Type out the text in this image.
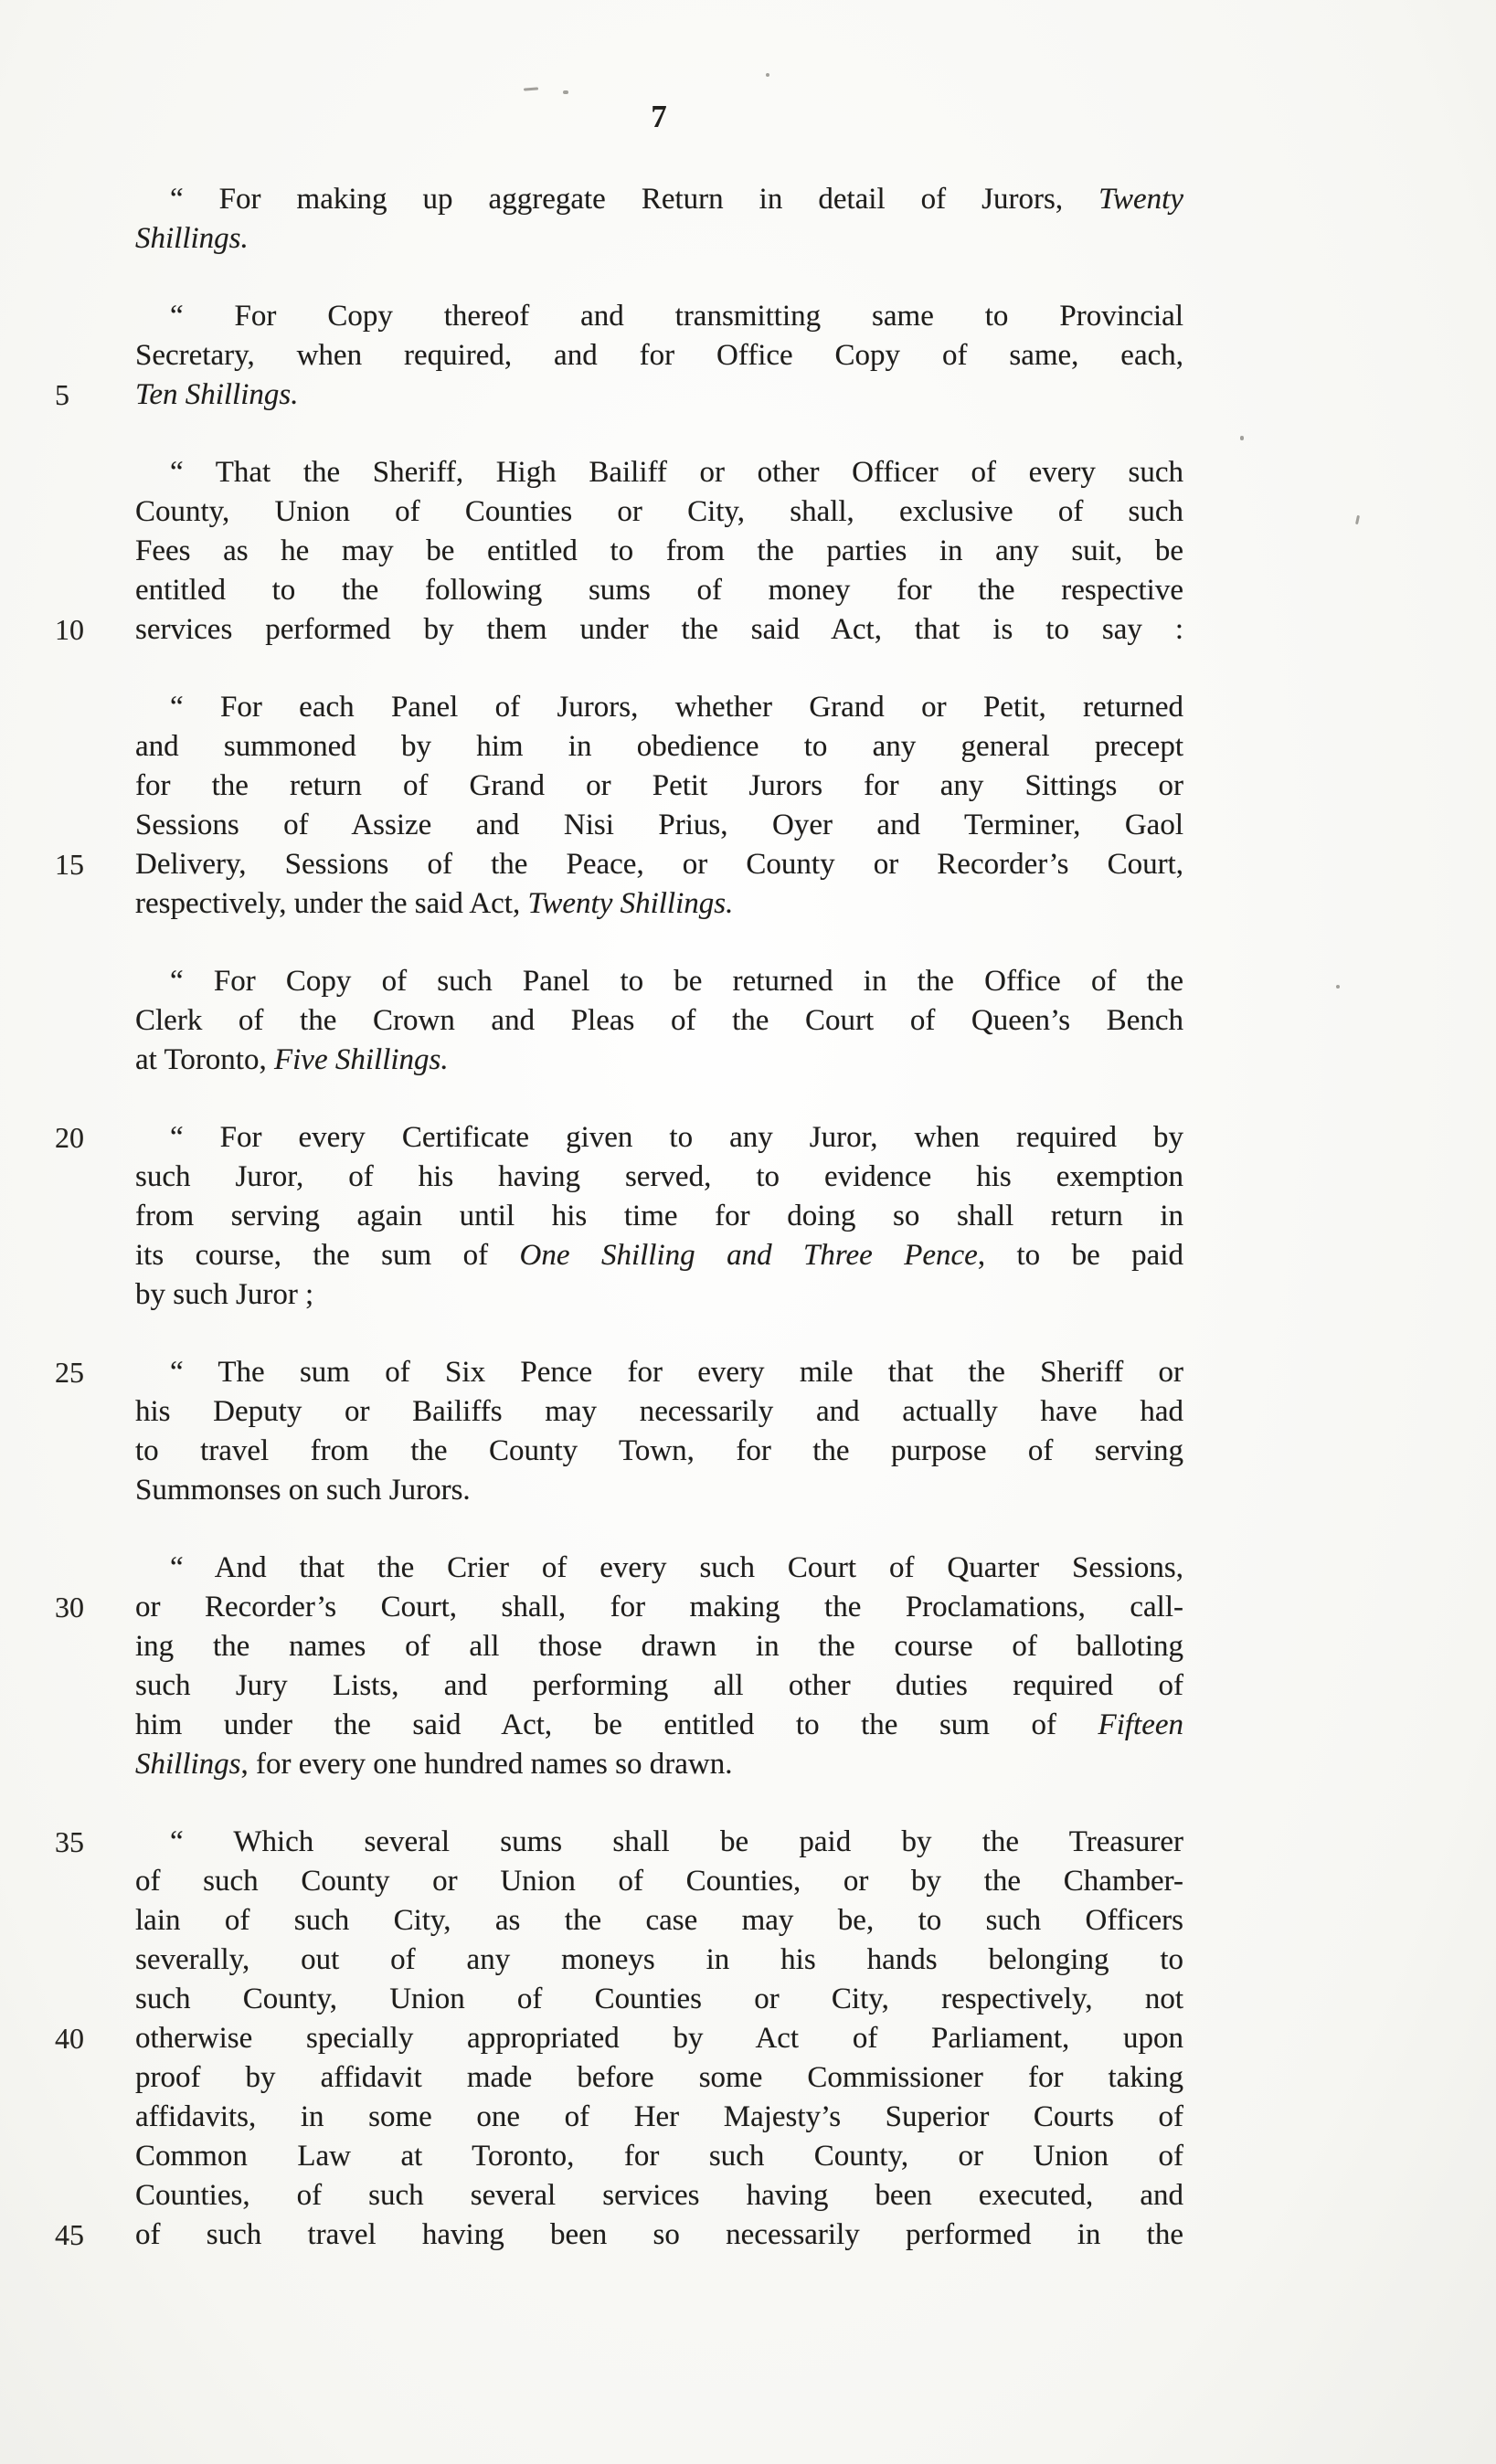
7
“ For making up aggregate Return in detail of Jurors, Twenty
Shillings.
“ For Copy thereof and transmitting same to Provincial
Secretary, when required, and for Office Copy of same, each,
5	Ten Shillings.
“ That the Sheriff, High Bailiff or other Officer of every such
County, Union of Counties or City, shall, exclusive of such
Fees as he may be entitled to from the parties in any suit, be
entitled to the following sums of money for the respective
10	services performed by them under the said Act, that is to say :
“ For each Panel of Jurors, whether Grand or Petit, returned
and summoned by him in obedience to any general precept
for the return of Grand or Petit Jurors for any Sittings or
Sessions of Assize and Nisi Prius, Oyer and Terminer, Gaol
15	Delivery, Sessions of the Peace, or County or Recorder’s Court,
respectively, under the said Act, Twenty Shillings.
“ For Copy of such Panel to be returned in the Office of the
Clerk of the Crown and Pleas of the Court of Queen’s Bench
at Toronto, Five Shillings.
20	“ For every Certificate given to any Juror, when required by
such Juror, of his having served, to evidence his exemption
from serving again until his time for doing so shall return in
its course, the sum of One Shilling and Three Pence, to be paid
by such Juror ;
25	“ The sum of Six Pence for every mile that the Sheriff or
his Deputy or Bailiffs may necessarily and actually have had
to travel from the County Town, for the purpose of serving
Summonses on such Jurors.
“ And that the Crier of every such Court of Quarter Sessions,
30	or Recorder’s Court, shall, for making the Proclamations, call-
ing the names of all those drawn in the course of balloting
such Jury Lists, and performing all other duties required of
him under the said Act, be entitled to the sum of Fifteen
Shillings, for every one hundred names so drawn.
35	“ Which several sums shall be paid by the Treasurer
of such County or Union of Counties, or by the Chamber-
lain of such City, as the case may be, to such Officers
severally, out of any moneys in his hands belonging to
such County, Union of Counties or City, respectively, not
40	otherwise specially appropriated by Act of Parliament, upon
proof by affidavit made before some Commissioner for taking
affidavits, in some one of Her Majesty’s Superior Courts of
Common Law at Toronto, for such County, or Union of
Counties, of such several services having been executed, and
45	of such travel having been so necessarily performed in the
